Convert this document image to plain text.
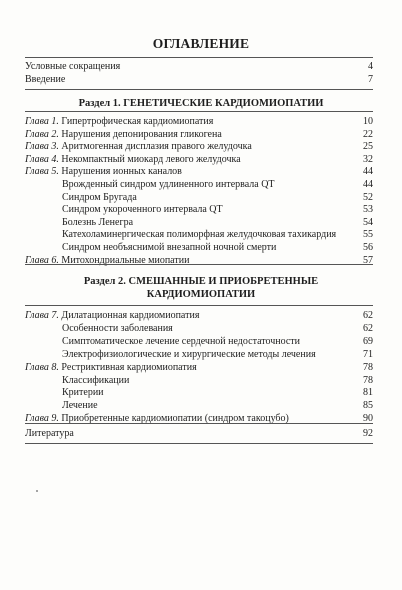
ОГЛАВЛЕНИЕ
Условные сокращения	4
Введение	7
Раздел 1. ГЕНЕТИЧЕСКИЕ КАРДИОМИОПАТИИ
Глава 1. Гипертрофическая кардиомиопатия	10
Глава 2. Нарушения депонирования гликогена	22
Глава 3. Аритмогенная дисплазия правого желудочка	25
Глава 4. Некомпактный миокард левого желудочка	32
Глава 5. Нарушения ионных каналов	44
Врожденный синдром удлиненного интервала QT	44
Синдром Бругада	52
Синдром укороченного интервала QT	53
Болезнь Ленегра	54
Катехоламинергическая полиморфная желудочковая тахикардия	55
Синдром необъяснимой внезапной ночной смерти	56
Глава 6. Митохондриальные миопатии	57
Раздел 2. СМЕШАННЫЕ И ПРИОБРЕТЕННЫЕ
КАРДИОМИОПАТИИ
Глава 7. Дилатационная кардиомиопатия	62
Особенности заболевания	62
Симптоматическое лечение сердечной недостаточности	69
Электрофизиологические и хирургические методы лечения	71
Глава 8. Рестриктивная кардиомиопатия	78
Классификации	78
Критерии	81
Лечение	85
Глава 9. Приобретенные кардиомиопатии (синдром такоцубо)	90
Литература	92
